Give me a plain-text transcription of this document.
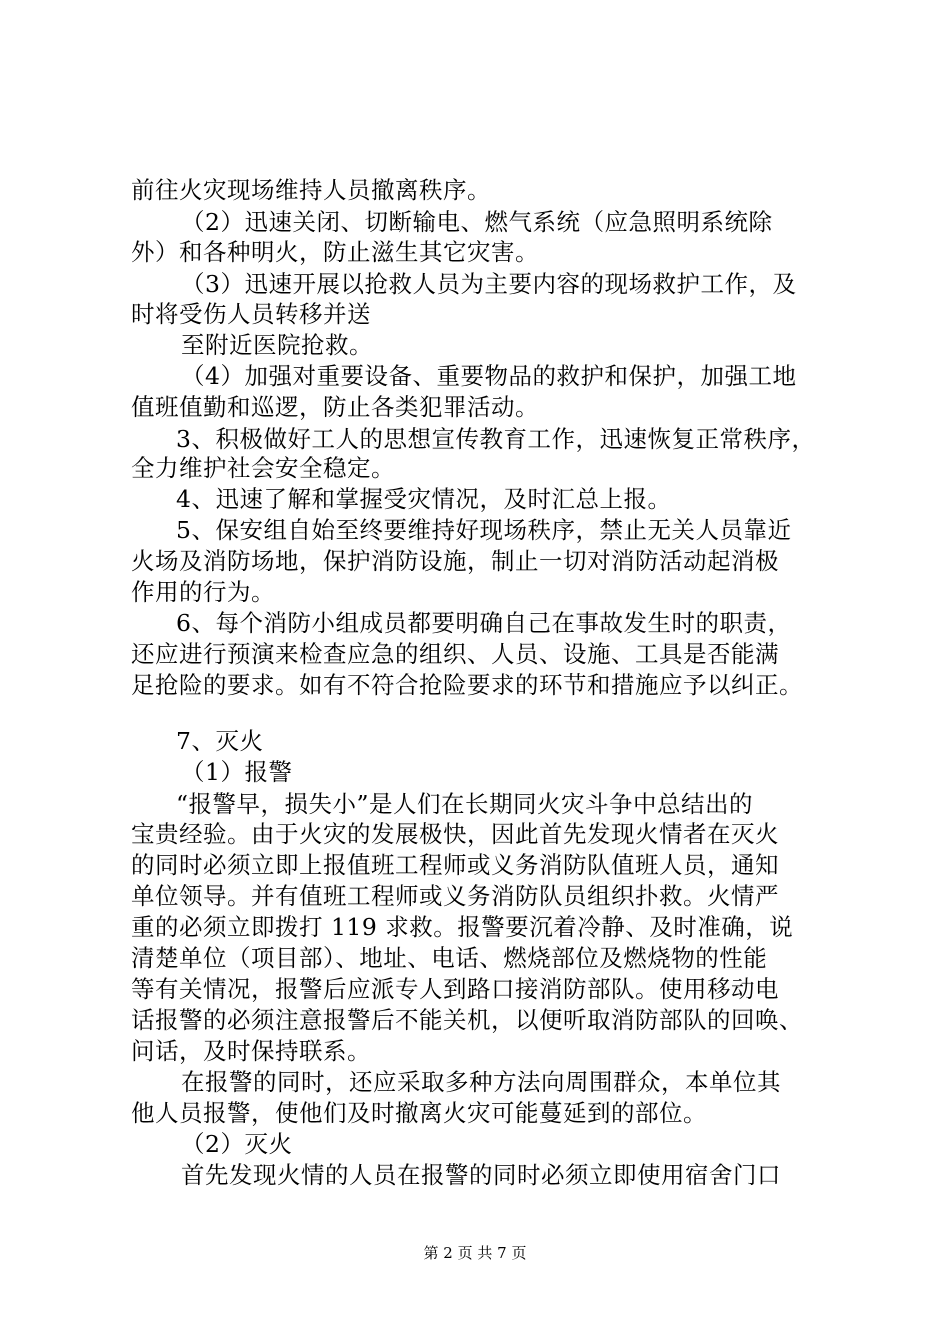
前往火灾现场维持人员撤离秩序。
（2）迅速关闭、切断输电、燃气系统（应急照明系统除
外）和各种明火，防止滋生其它灾害。
（3）迅速开展以抢救人员为主要内容的现场救护工作，及
时将受伤人员转移并送
至附近医院抢救。
（4）加强对重要设备、重要物品的救护和保护，加强工地
值班值勤和巡逻，防止各类犯罪活动。
3、积极做好工人的思想宣传教育工作，迅速恢复正常秩序，
全力维护社会安全稳定。
4、迅速了解和掌握受灾情况，及时汇总上报。
5、保安组自始至终要维持好现场秩序，禁止无关人员靠近
火场及消防场地，保护消防设施，制止一切对消防活动起消极
作用的行为。
6、每个消防小组成员都要明确自己在事故发生时的职责，
还应进行预演来检查应急的组织、人员、设施、工具是否能满
足抢险的要求。如有不符合抢险要求的环节和措施应予以纠正。
7、灭火
（1）报警
“报警早，损失小”是人们在长期同火灾斗争中总结出的
宝贵经验。由于火灾的发展极快，因此首先发现火情者在灭火
的同时必须立即上报值班工程师或义务消防队值班人员，通知
单位领导。并有值班工程师或义务消防队员组织扑救。火情严
重的必须立即拨打 119 求救。报警要沉着冷静、及时准确，说
清楚单位（项目部）、地址、电话、燃烧部位及燃烧物的性能
等有关情况，报警后应派专人到路口接消防部队。使用移动电
话报警的必须注意报警后不能关机，以便听取消防部队的回唤、
问话，及时保持联系。
在报警的同时，还应采取多种方法向周围群众，本单位其
他人员报警，使他们及时撤离火灾可能蔓延到的部位。
（2）灭火
首先发现火情的人员在报警的同时必须立即使用宿舍门口
第 2 页 共 7 页
